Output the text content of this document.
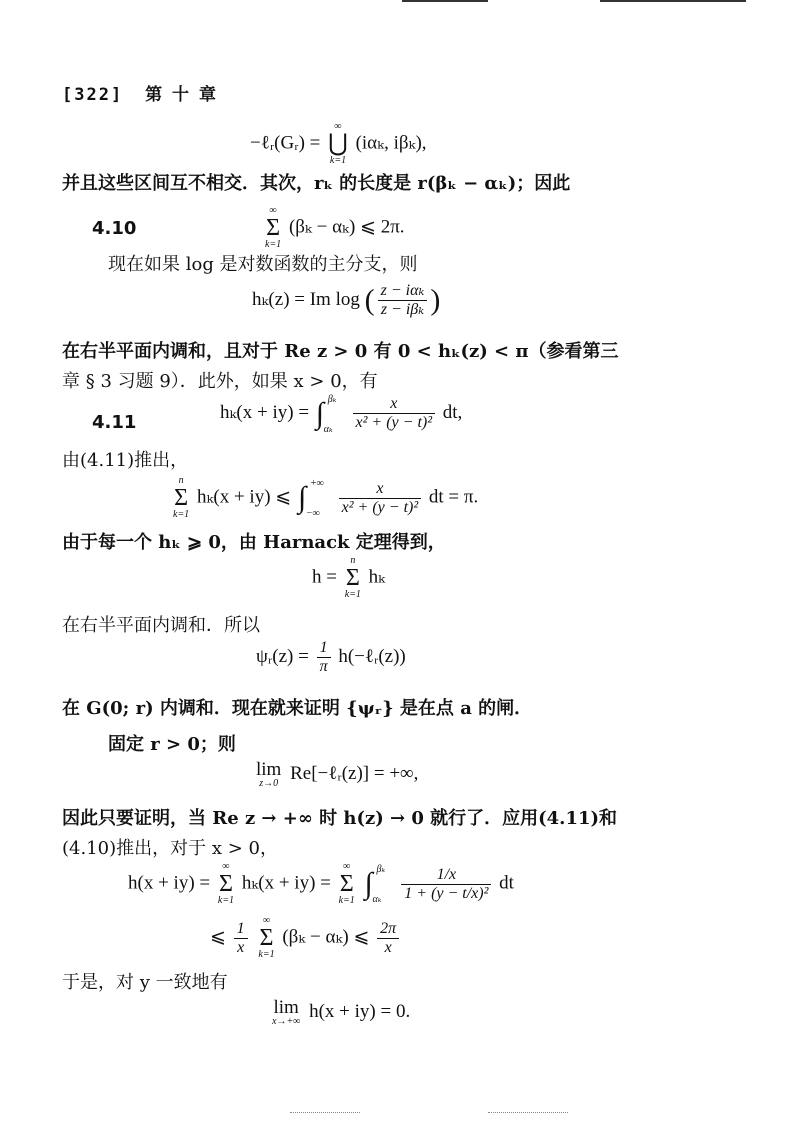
[322] 第 十 章
−ℓᵣ(Gᵣ) =
∞
⋃
k=1
(iαₖ, iβₖ),
并且这些区间互不相交．其次，rₖ 的长度是 r(βₖ − αₖ)；因此
4.10
∞
Σ
k=1
(βₖ − αₖ) ⩽ 2π.
现在如果 log 是对数函数的主分支，则
hₖ(z) = Im log ( $\frac{\text{z − iαₖ}}{\text{z − iβₖ}}$ )
在右半平面内调和，且对于 Re z > 0 有 0 < hₖ(z) < π（参看第三
章 § 3 习题 9）．此外，如果 x > 0，有
4.11	hₖ(x + iy) = ∫ βₖ
αₖ
$\frac{x}{\text{x² + (y − t)²}}$ dt,
由(4.11)推出，
n
Σ
k=1
hₖ(x + iy) ⩽ ∫ +∞
−∞
$\frac{x}{\text{x² + (y − t)²}}$ dt = π.
由于每一个 hₖ ⩾ 0，由 Harnack 定理得到，
h =
n
Σ
k=1
hₖ
在右半平面内调和．所以
ψᵣ(z) = $\frac{1}{\pi}$ h(−ℓᵣ(z))
在 G(0; r) 内调和．现在就来证明 {ψᵣ} 是在点 a 的闸．
固定 r > 0；则
lim
z→0 Re[−ℓᵣ(z)] = +∞,
因此只要证明，当 Re z → +∞ 时 h(z) → 0 就行了．应用(4.11)和
(4.10)推出，对于 x > 0，
h(x + iy) =
∞
Σ
k=1
hₖ(x + iy) =
∞
Σ
k=1
∫ βₖ
αₖ
$\frac{1/x}{\text{1 + (y − t/x)²}}$ dt
⩽ $\frac{1}{x}$
	∞
Σ
k=1
(βₖ − αₖ) ⩽ $\frac{2\pi}{x}$
于是，对 y 一致地有
lim
x→+∞ h(x + iy) = 0.
